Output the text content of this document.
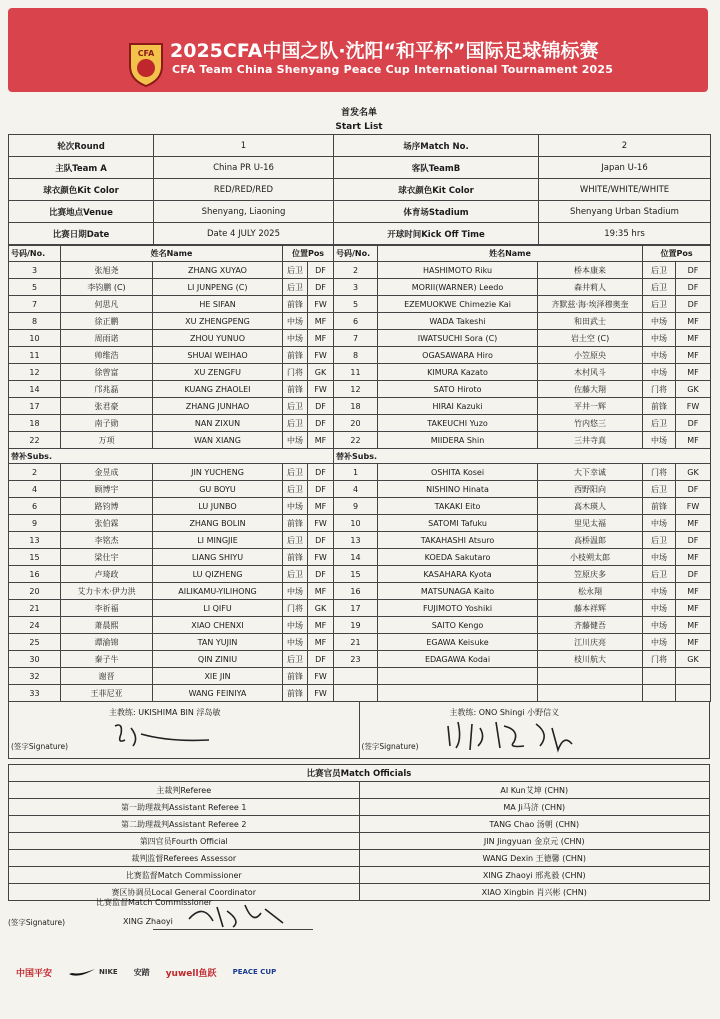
CFA 2025CFA中国之队·沈阳“和平杯”国际足球锦标赛
CFA Team China Shenyang Peace Cup International Tournament 2025
首发名单
Start List
轮次Round	1	场序Match No.	2
主队Team A	China PR U-16	客队TeamB	Japan U-16
球衣颜色Kit Color	RED/RED/RED	球衣颜色Kit Color	WHITE/WHITE/WHITE
比赛地点Venue	Shenyang, Liaoning	体育场Stadium	Shenyang Urban Stadium
比赛日期Date	Date 4 JULY 2025	开球时间Kick Off Time	19:35 hrs
号码/No.	姓名Name		位置Pos		号码/No.	姓名Name		位置Pos	
3	张旭尧	ZHANG XUYAO	后卫	DF	2	HASHIMOTO Riku	桥本康来	后卫	DF
5	李钧鹏 (C)	LI JUNPENG (C)	后卫	DF	3	MORII(WARNER) Leedo	森井莉人	后卫	DF
7	何思凡	HE SIFAN	前锋	FW	5	EZEMUOKWE Chimezie Kai	齐默兹·海·埃泽穆奥奎	后卫	DF
8	徐正鹏	XU ZHENGPENG	中场	MF	6	WADA Takeshi	和田武士	中场	MF
10	周雨诺	ZHOU YUNUO	中场	MF	7	IWATSUCHI Sora (C)	岩土空 (C)	中场	MF
11	帅维浩	SHUAI WEIHAO	前锋	FW	8	OGASAWARA Hiro	小笠原央	中场	MF
12	徐曾富	XU ZENGFU	门将	GK	11	KIMURA Kazato	木村风斗	中场	MF
14	邝兆磊	KUANG ZHAOLEI	前锋	FW	12	SATO Hiroto	佐藤大翔	门将	GK
17	张君豪	ZHANG JUNHAO	后卫	DF	18	HIRAI Kazuki	平井一辉	前锋	FW
18	南子勋	NAN ZIXUN	后卫	DF	20	TAKEUCHI Yuzo	竹内悠三	后卫	DF
22	万项	WAN XIANG	中场	MF	22	MIIDERA Shin	三井寺真	中场	MF
替补Subs.					替补Subs.				
2	金昱成	JIN YUCHENG	后卫	DF	1	OSHITA Kosei	大下幸诚	门将	GK
4	顾博宇	GU BOYU	后卫	DF	4	NISHINO Hinata	西野阳向	后卫	DF
6	路钧博	LU JUNBO	中场	MF	9	TAKAKI Eito	高木瑛人	前锋	FW
9	张伯霖	ZHANG BOLIN	前锋	FW	10	SATOMI Tafuku	里见太福	中场	MF
13	李铭杰	LI MINGJIE	后卫	DF	13	TAKAHASHI Atsuro	高桥温郎	后卫	DF
15	梁仕宇	LIANG SHIYU	前锋	FW	14	KOEDA Sakutaro	小枝朔太郎	中场	MF
16	卢琦政	LU QIZHENG	后卫	DF	15	KASAHARA Kyota	笠原庆多	后卫	DF
20	艾力卡木·伊力洪	AILIKAMU-YILIHONG	中场	MF	16	MATSUNAGA Kaito	松永翔	中场	MF
21	李祈福	LI QIFU	门将	GK	17	FUJIMOTO Yoshiki	藤本祥辉	中场	MF
24	萧晨熙	XIAO CHENXI	中场	MF	19	SAITO Kengo	齐藤健吾	中场	MF
25	谭渝锦	TAN YUJIN	中场	MF	21	EGAWA Keisuke	江川庆亮	中场	MF
30	秦子牛	QIN ZINIU	后卫	DF	23	EDAGAWA Kodai	枝川航大	门将	GK
32	谢晋	XIE JIN	前锋	FW					
33	王菲尼亚	WANG FEINIYA	前锋	FW					
主教练: UKISHIMA BIN 浮岛敏
(签字Signature)
主教练: ONO Shingi 小野信义
(签字Signature)
比赛官员Match Officials	
主裁判Referee	AI Kun艾坤 (CHN)
第一助理裁判Assistant Referee 1	MA Ji马济 (CHN)
第二助理裁判Assistant Referee 2	TANG Chao 汤朝 (CHN)
第四官员Fourth Official	JIN Jingyuan 金京元 (CHN)
裁判监督Referees Assessor	WANG Dexin 王德馨 (CHN)
比赛监督Match Commissioner	XING Zhaoyi 邢兆毅 (CHN)
赛区协调员Local General Coordinator	XIAO Xingbin 肖兴彬 (CHN)
比赛监督Match Commissioner
(签字Signature)	XING Zhaoyi
中国平安	NIKE 安踏 yuwell鱼跃 PEACE CUP
